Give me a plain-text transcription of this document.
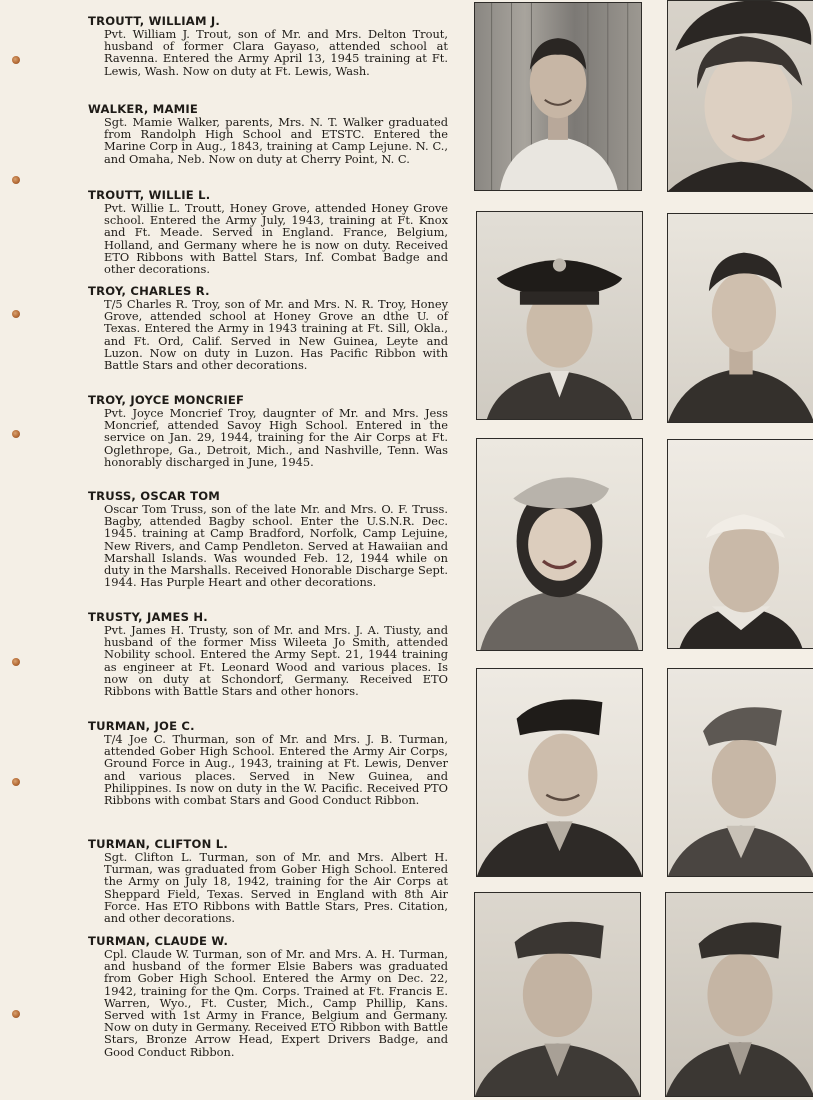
TROUTT, WILLIAM J.

Pvt. William J. Trout, son of Mr. and Mrs. Delton Trout, husband of former Clara Gayaso, attended school at Ravenna. Entered the Army April 13, 1945 training at Ft. Lewis, Wash. Now on duty at Ft. Lewis, Wash.

WALKER, MAMIE

Sgt. Mamie Walker, parents, Mrs. N. T. Walker graduated from Randolph High School and ETSTC. Entered the Marine Corp in Aug., 1843, training at Camp Lejune. N. C., and Omaha, Neb. Now on duty at Cherry Point, N. C.

TROUTT, WILLIE L.

Pvt. Willie L. Troutt, Honey Grove, attended Honey Grove school. Entered the Army July, 1943, training at Ft. Knox and Ft. Meade. Served in England. France, Belgium, Holland, and Germany where he is now on duty. Received ETO Ribbons with Battel Stars, Inf. Combat Badge and other decorations.

TROY, CHARLES R.

T/5 Charles R. Troy, son of Mr. and Mrs. N. R. Troy, Honey Grove, attended school at Honey Grove an dthe U. of Texas. Entered the Army in 1943 training at Ft. Sill, Okla., and Ft. Ord, Calif. Served in New Guinea, Leyte and Luzon. Now on duty in Luzon. Has Pacific Ribbon with Battle Stars and other decorations.

TROY, JOYCE MONCRIEF

Pvt. Joyce Moncrief Troy, daugnter of Mr. and Mrs. Jess Moncrief, attended Savoy High School. Entered in the service on Jan. 29, 1944, training for the Air Corps at Ft. Oglethrope, Ga., Detroit, Mich., and Nashville, Tenn. Was honorably discharged in June, 1945.

TRUSS, OSCAR TOM

Oscar Tom Truss, son of the late Mr. and Mrs. O. F. Truss. Bagby, attended Bagby school. Enter the U.S.N.R. Dec. 1945. training at Camp Bradford, Norfolk, Camp Lejuine, New Rivers, and Camp Pendleton. Served at Hawaiian and Marshall Islands. Was wounded Feb. 12, 1944 while on duty in the Marshalls. Received Honorable Discharge Sept. 1944. Has Purple Heart and other decorations.

TRUSTY, JAMES H.

Pvt. James H. Trusty, son of Mr. and Mrs. J. A. Tiusty, and husband of the former Miss Wileeta Jo Smith, attended Nobility school. Entered the Army Sept. 21, 1944 training as engineer at Ft. Leonard Wood and various places. Is now on duty at Schondorf, Germany. Received ETO Ribbons with Battle Stars and other honors.

TURMAN, JOE C.

T/4 Joe C. Thurman, son of Mr. and Mrs. J. B. Turman, attended Gober High School. Entered the Army Air Corps, Ground Force in Aug., 1943, training at Ft. Lewis, Denver and various places. Served in New Guinea, and Philippines. Is now on duty in the W. Pacific. Received PTO Ribbons with combat Stars and Good Conduct Ribbon.

TURMAN, CLIFTON L.

Sgt. Clifton L. Turman, son of Mr. and Mrs. Albert H. Turman, was graduated from Gober High School. Entered the Army on July 18, 1942, training for the Air Corps at Sheppard Field, Texas. Served in England with 8th Air Force. Has ETO Ribbons with Battle Stars, Pres. Citation, and other decorations.

TURMAN, CLAUDE W.

Cpl. Claude W. Turman, son of Mr. and Mrs. A. H. Turman, and husband of the former Elsie Babers was graduated from Gober High School. Entered the Army on Dec. 22, 1942, training for the Qm. Corps. Trained at Ft. Francis E. Warren, Wyo., Ft. Custer, Mich., Camp Phillip, Kans. Served with 1st Army in France, Belgium and Germany. Now on duty in Germany. Received ETO Ribbon with Battle Stars, Bronze Arrow Head, Expert Drivers Badge, and Good Conduct Ribbon.
